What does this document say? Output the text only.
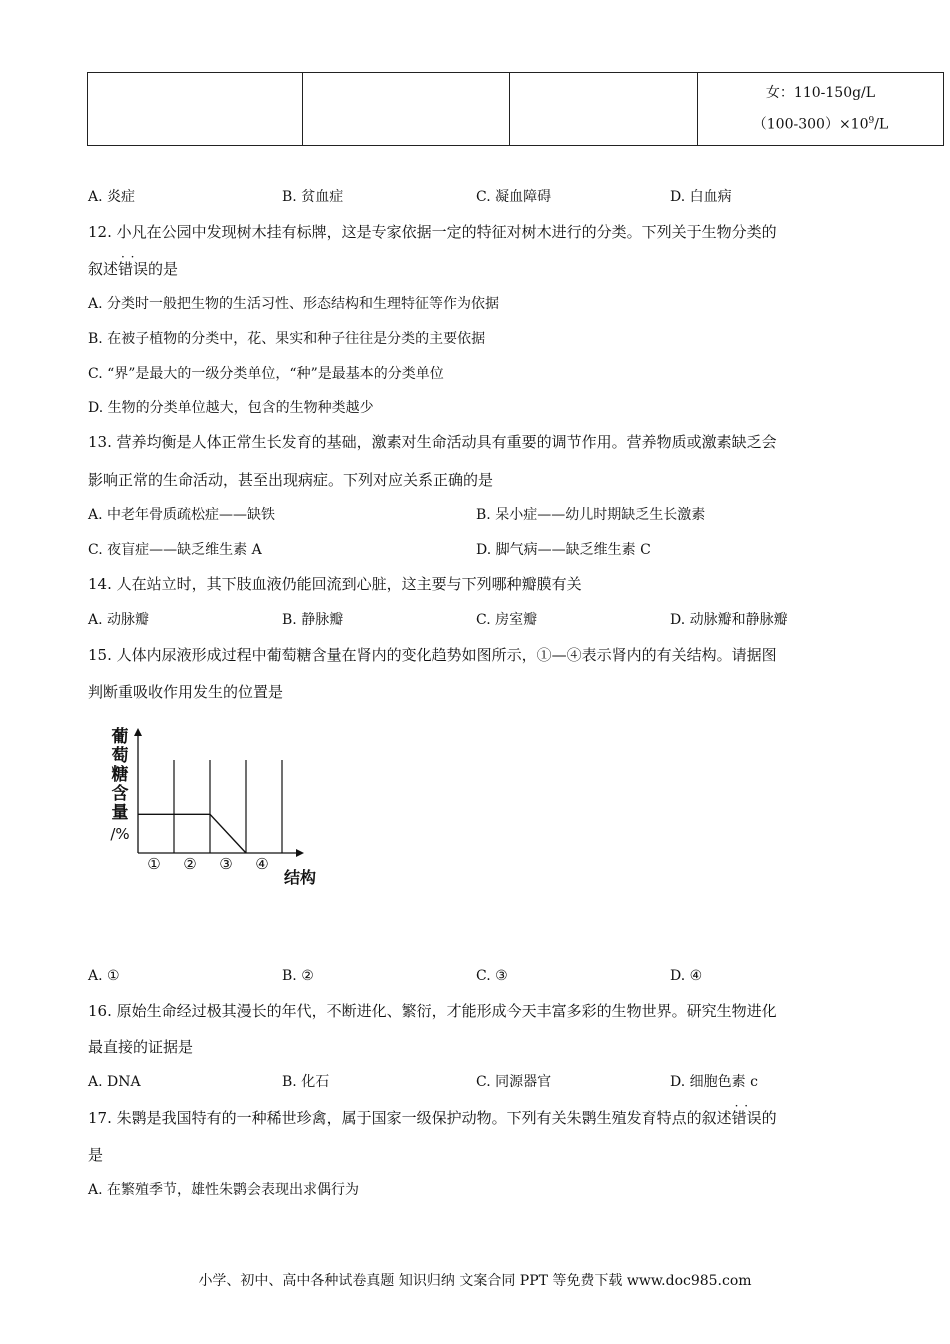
女：110-150g/L
$(100-300)\times 10^9/L$
A. 炎症	B. 贫血症	C. 凝血障碍	D. 白血病
12. 小凡在公园中发现树木挂有标牌，这是专家依据一定的特征对树木进行的分类。下列关于生物分类的
叙述· · 错误的是
A. 分类时一般把生物的生活习性、形态结构和生理特征等作为依据
B. 在被子植物的分类中，花、果实和种子往往是分类的主要依据
C. “界”是最大的一级分类单位，“种”是最基本的分类单位
D. 生物的分类单位越大，包含的生物种类越少
13. 营养均衡是人体正常生长发育的基础，激素对生命活动具有重要的调节作用。营养物质或激素缺乏会
影响正常的生命活动，甚至出现病症。下列对应关系正确的是
A. 中老年骨质疏松症——缺铁	B. 呆小症——幼儿时期缺乏生长激素
C. 夜盲症——缺乏维生素 A	D. 脚气病——缺乏维生素 C
14. 人在站立时，其下肢血液仍能回流到心脏，这主要与下列哪种瓣膜有关
A. 动脉瓣	B. 静脉瓣	C. 房室瓣	D. 动脉瓣和静脉瓣
15. 人体内尿液形成过程中葡萄糖含量在肾内的变化趋势如图所示，①—④表示肾内的有关结构。请据图
判断重吸收作用发生的位置是
葡
萄
糖
含
量
/%
结构
① ② ③ ④
A. ①	B. ②	C. ③	D. ④
16. 原始生命经过极其漫长的年代，不断进化、繁衍，才能形成今天丰富多彩的生物世界。研究生物进化
最直接的证据是
A. DNA	B. 化石	C. 同源器官	D. 细胞色素 c
17. 朱鹮是我国特有的一种稀世珍禽，属于国家一级保护动物。下列有关朱鹮生殖发育特点的叙述· · 错误的
是
A. 在繁殖季节，雄性朱鹮会表现出求偶行为
小学、初中、高中各种试卷真题 知识归纳 文案合同 PPT 等免费下载 www.doc985.com
